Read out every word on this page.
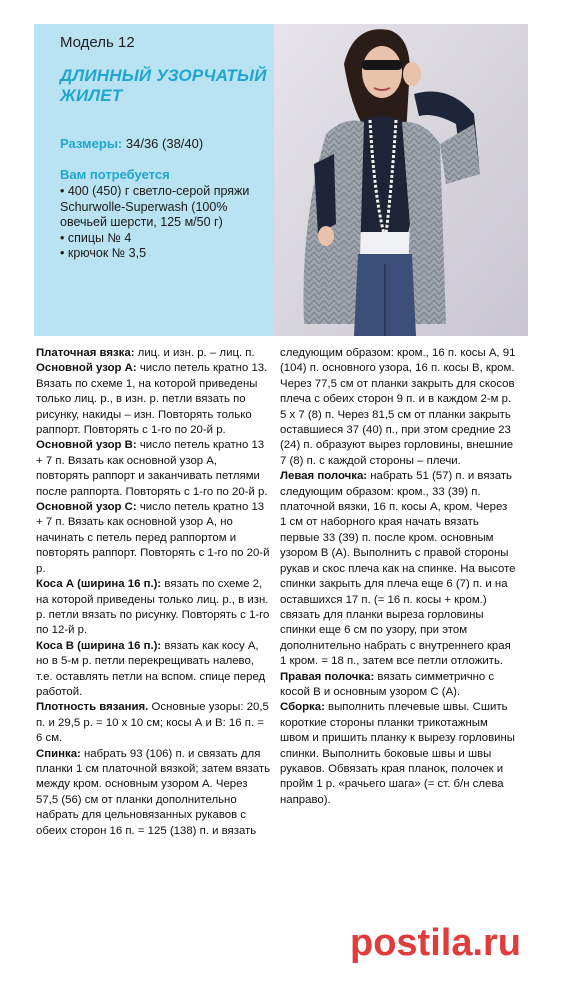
Модель 12
ДЛИННЫЙ УЗОРЧАТЫЙ ЖИЛЕТ
Размеры: 34/36 (38/40)
Вам потребуется
• 400 (450) г светло-серой пряжи
Schurwolle-Superwash (100%
овечьей шерсти, 125 м/50 г)
• спицы № 4
• крючок № 3,5

Платочная вязка: лиц. и изн. р. – лиц. п.

Основной узор А: число петель кратно 13. Вязать по схеме 1, на которой приведены только лиц. р., в изн. р. петли вязать по рисунку, накиды – изн. Повторять только раппорт. Повторять с 1-го по 20-й р.

Основной узор В: число петель кратно 13 + 7 п. Вязать как основной узор А, повторять раппорт и заканчивать петлями после раппорта. Повторять с 1-го по 20-й р.

Основной узор С: число петель кратно 13 + 7 п. Вязать как основной узор А, но начинать с петель перед раппортом и повторять раппорт. Повторять с 1-го по 20-й р.

Коса А (ширина 16 п.): вязать по схеме 2, на которой приведены только лиц. р., в изн. р. петли вязать по рисунку. Повторять с 1-го по 12-й р.

Коса В (ширина 16 п.): вязать как косу А, но в 5-м р. петли перекрещивать налево, т.е. оставлять петли на вспом. спице перед работой.

Плотность вязания. Основные узоры: 20,5 п. и 29,5 р. = 10 х 10 см; косы А и В: 16 п. = 6 см.

Спинка: набрать 93 (106) п. и связать для планки 1 см платочной вязкой; затем вязать между кром. основным узором А. Через 57,5 (56) см от планки дополнительно набрать для цельновязанных рукавов с обеих сторон 16 п. = 125 (138) п. и вязать

следующим образом: кром., 16 п. косы А, 91 (104) п. основного узора, 16 п. косы В, кром. Через 77,5 см от планки закрыть для скосов плеча с обеих сторон 9 п. и в каждом 2-м р. 5 х 7 (8) п. Через 81,5 см от планки закрыть оставшиеся 37 (40) п., при этом средние 23 (24) п. образуют вырез горловины, внешние 7 (8) п. с каждой стороны – плечи.

Левая полочка: набрать 51 (57) п. и вязать следующим образом: кром., 33 (39) п. платочной вязки, 16 п. косы А, кром. Через 1 см от наборного края начать вязать первые 33 (39) п. после кром. основным узором В (А). Выполнить с правой стороны рукав и скос плеча как на спинке. На высоте спинки закрыть для плеча еще 6 (7) п. и на оставшихся 17 п. (= 16 п. косы + кром.) связать для планки выреза горловины спинки еще 6 см по узору, при этом дополнительно набрать с внутреннего края 1 кром. = 18 п., затем все петли отложить.

Правая полочка: вязать симметрично с косой В и основным узором С (А).

Сборка: выполнить плечевые швы. Сшить короткие стороны планки трикотажным швом и пришить планку к вырезу горловины спинки. Выполнить боковые швы и швы рукавов. Обвязать края планок, полочек и пройм 1 р. «рачьего шага» (= ст. б/н слева направо).

postila.ru
